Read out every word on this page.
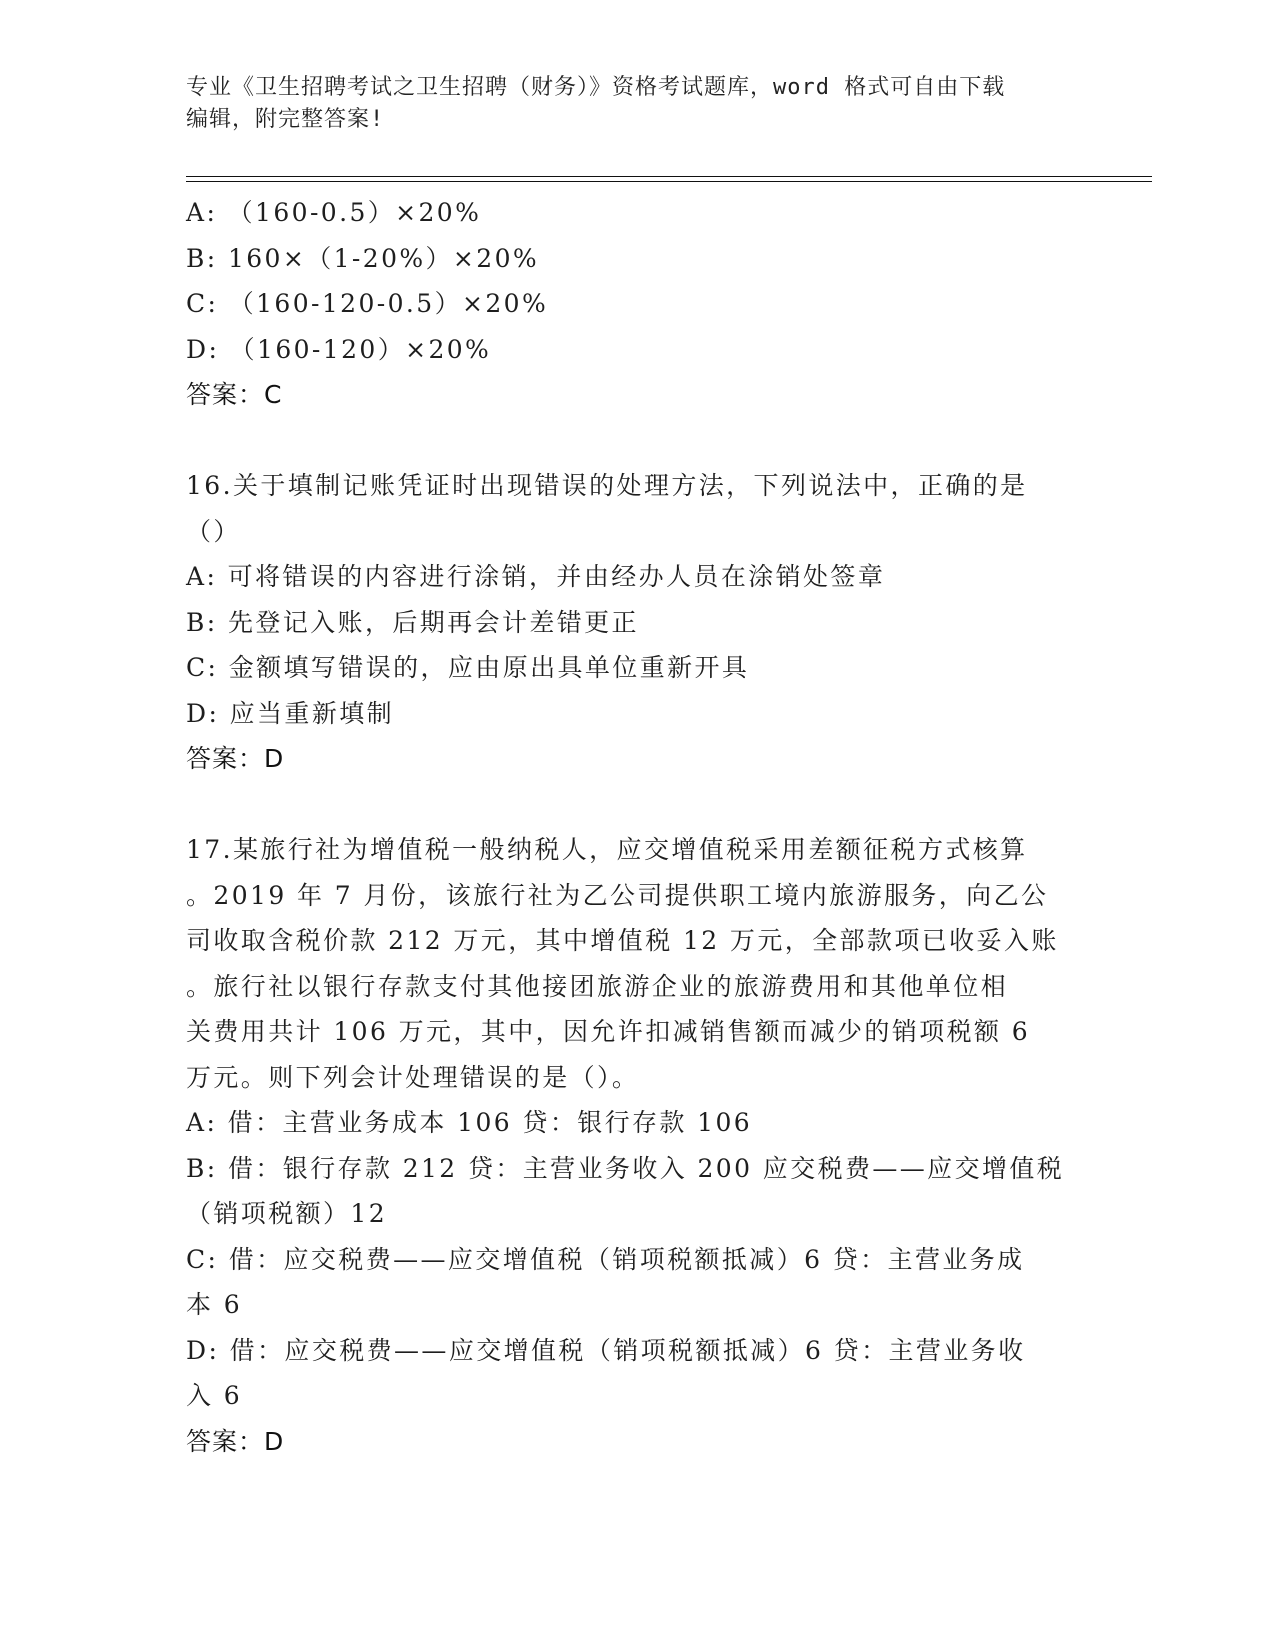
专业《卫生招聘考试之卫生招聘（财务）》资格考试题库，word 格式可自由下载
编辑，附完整答案!
A: （160-0.5）×20%
B: 160×（1-20%）×20%
C: （160-120-0.5）×20%
D: （160-120）×20%
答案：C
16.关于填制记账凭证时出现错误的处理方法，下列说法中，正确的是
（）
A: 可将错误的内容进行涂销，并由经办人员在涂销处签章
B: 先登记入账，后期再会计差错更正
C: 金额填写错误的，应由原出具单位重新开具
D: 应当重新填制
答案：D
17.某旅行社为增值税一般纳税人，应交增值税采用差额征税方式核算
。2019 年 7 月份，该旅行社为乙公司提供职工境内旅游服务，向乙公
司收取含税价款 212 万元，其中增值税 12 万元，全部款项已收妥入账
。旅行社以银行存款支付其他接团旅游企业的旅游费用和其他单位相
关费用共计 106 万元，其中，因允许扣减销售额而减少的销项税额 6
万元。则下列会计处理错误的是（）。
A: 借：主营业务成本 106 贷：银行存款 106
B: 借：银行存款 212 贷：主营业务收入 200 应交税费——应交增值税
（销项税额）12
C: 借：应交税费——应交增值税（销项税额抵减）6 贷：主营业务成
本 6
D: 借：应交税费——应交增值税（销项税额抵减）6 贷：主营业务收
入 6
答案：D
